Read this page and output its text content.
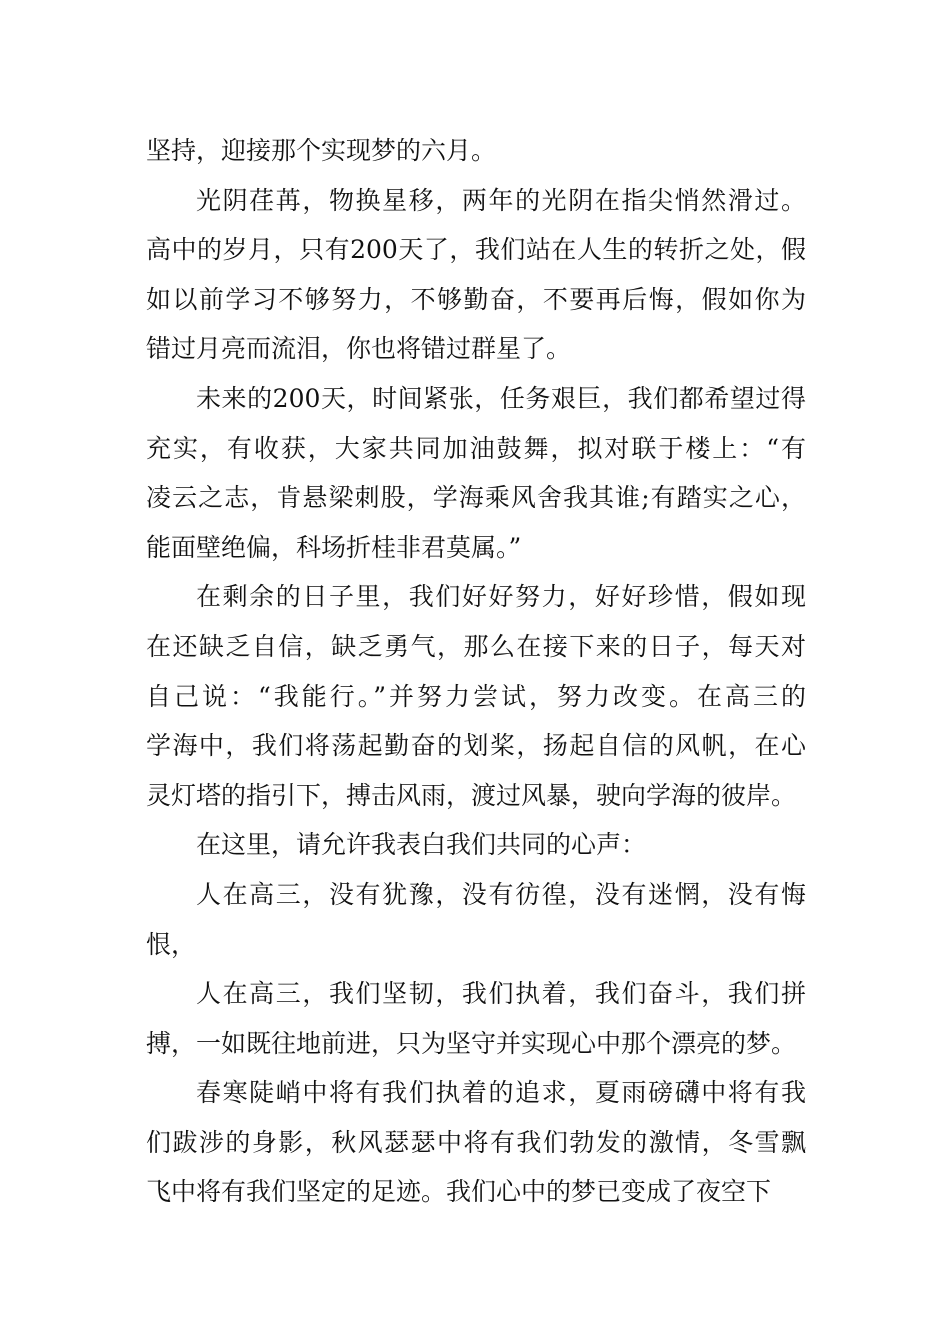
坚持，迎接那个实现梦的六月。
光阴荏苒，物换星移，两年的光阴在指尖悄然滑过。
高中的岁月，只有200天了，我们站在人生的转折之处，假
如以前学习不够努力，不够勤奋，不要再后悔，假如你为
错过月亮而流泪，你也将错过群星了。
未来的200天，时间紧张，任务艰巨，我们都希望过得
充实，有收获，大家共同加油鼓舞，拟对联于楼上：“有
凌云之志，肯悬梁刺股，学海乘风舍我其谁;有踏实之心，
能面壁绝偏，科场折桂非君莫属。”
在剩余的日子里，我们好好努力，好好珍惜，假如现
在还缺乏自信，缺乏勇气，那么在接下来的日子，每天对
自己说：“我能行。”并努力尝试，努力改变。在高三的
学海中，我们将荡起勤奋的划桨，扬起自信的风帆，在心
灵灯塔的指引下，搏击风雨，渡过风暴，驶向学海的彼岸。
在这里，请允许我表白我们共同的心声：
人在高三，没有犹豫，没有彷徨，没有迷惘，没有悔
恨，
人在高三，我们坚韧，我们执着，我们奋斗，我们拼
搏，一如既往地前进，只为坚守并实现心中那个漂亮的梦。
春寒陡峭中将有我们执着的追求，夏雨磅礴中将有我
们跋涉的身影，秋风瑟瑟中将有我们勃发的激情，冬雪飘
飞中将有我们坚定的足迹。我们心中的梦已变成了夜空下
